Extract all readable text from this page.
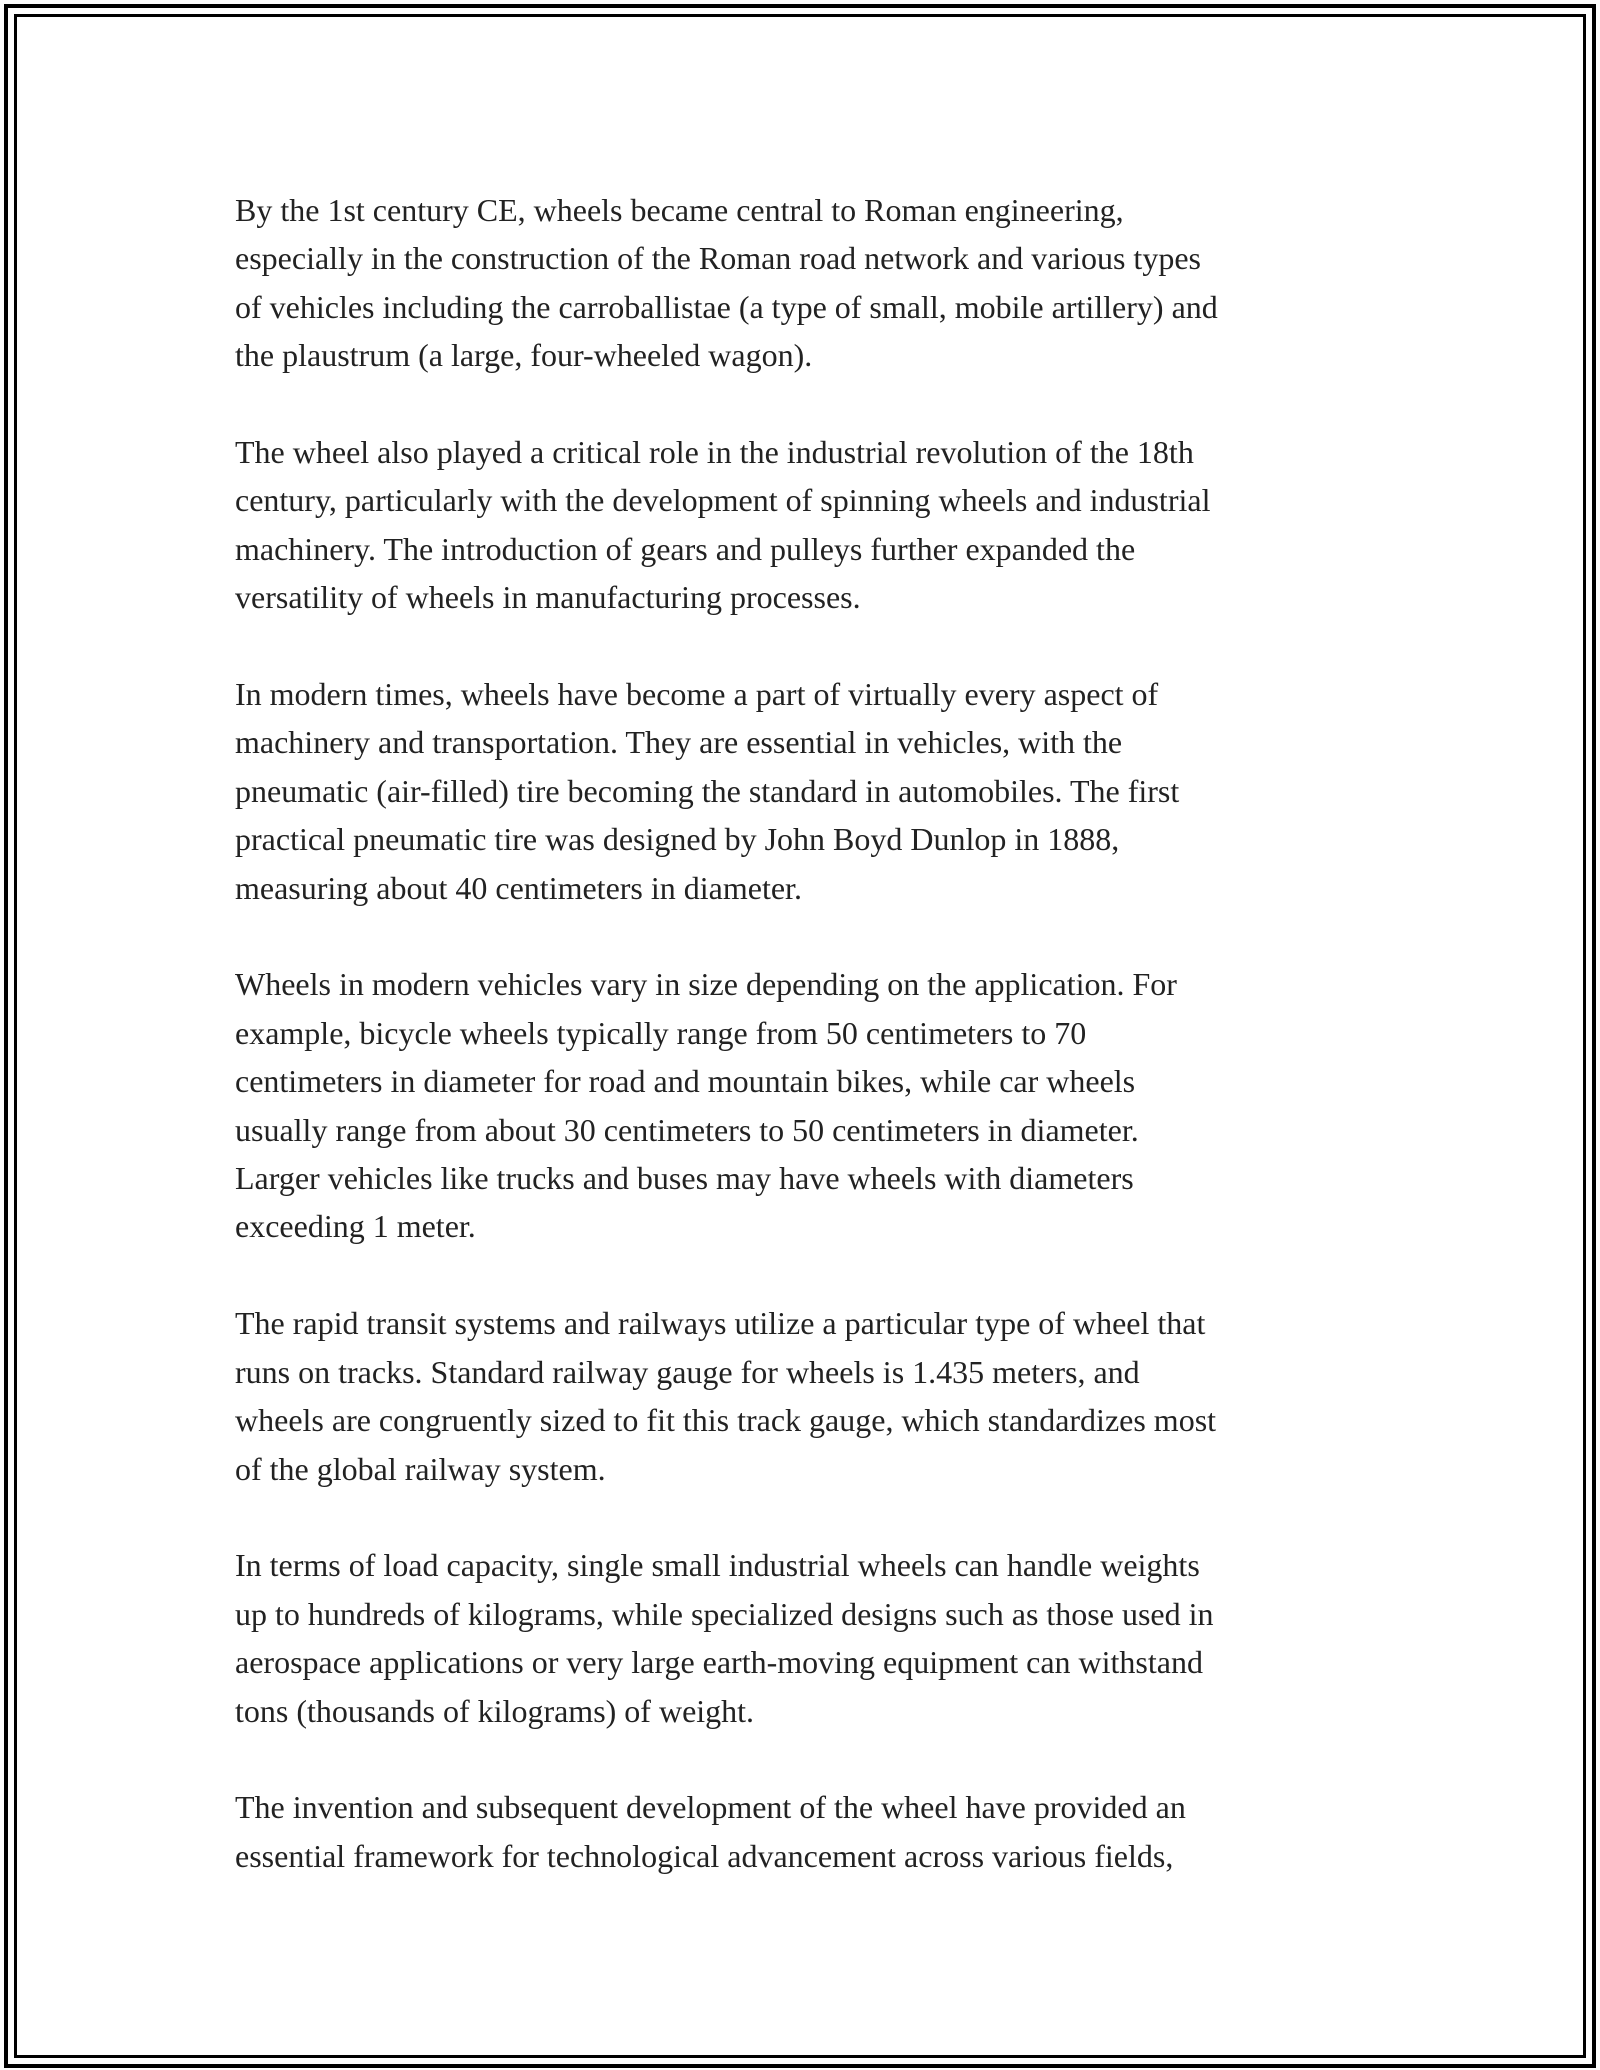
By the 1st century CE, wheels became central to Roman engineering,
especially in the construction of the Roman road network and various types
of vehicles including the carroballistae (a type of small, mobile artillery) and
the plaustrum (a large, four-wheeled wagon).

The wheel also played a critical role in the industrial revolution of the 18th
century, particularly with the development of spinning wheels and industrial
machinery. The introduction of gears and pulleys further expanded the
versatility of wheels in manufacturing processes.

In modern times, wheels have become a part of virtually every aspect of
machinery and transportation. They are essential in vehicles, with the
pneumatic (air-filled) tire becoming the standard in automobiles. The first
practical pneumatic tire was designed by John Boyd Dunlop in 1888,
measuring about 40 centimeters in diameter.

Wheels in modern vehicles vary in size depending on the application. For
example, bicycle wheels typically range from 50 centimeters to 70
centimeters in diameter for road and mountain bikes, while car wheels
usually range from about 30 centimeters to 50 centimeters in diameter.
Larger vehicles like trucks and buses may have wheels with diameters
exceeding 1 meter.

The rapid transit systems and railways utilize a particular type of wheel that
runs on tracks. Standard railway gauge for wheels is 1.435 meters, and
wheels are congruently sized to fit this track gauge, which standardizes most
of the global railway system.

In terms of load capacity, single small industrial wheels can handle weights
up to hundreds of kilograms, while specialized designs such as those used in
aerospace applications or very large earth-moving equipment can withstand
tons (thousands of kilograms) of weight.

The invention and subsequent development of the wheel have provided an
essential framework for technological advancement across various fields,
